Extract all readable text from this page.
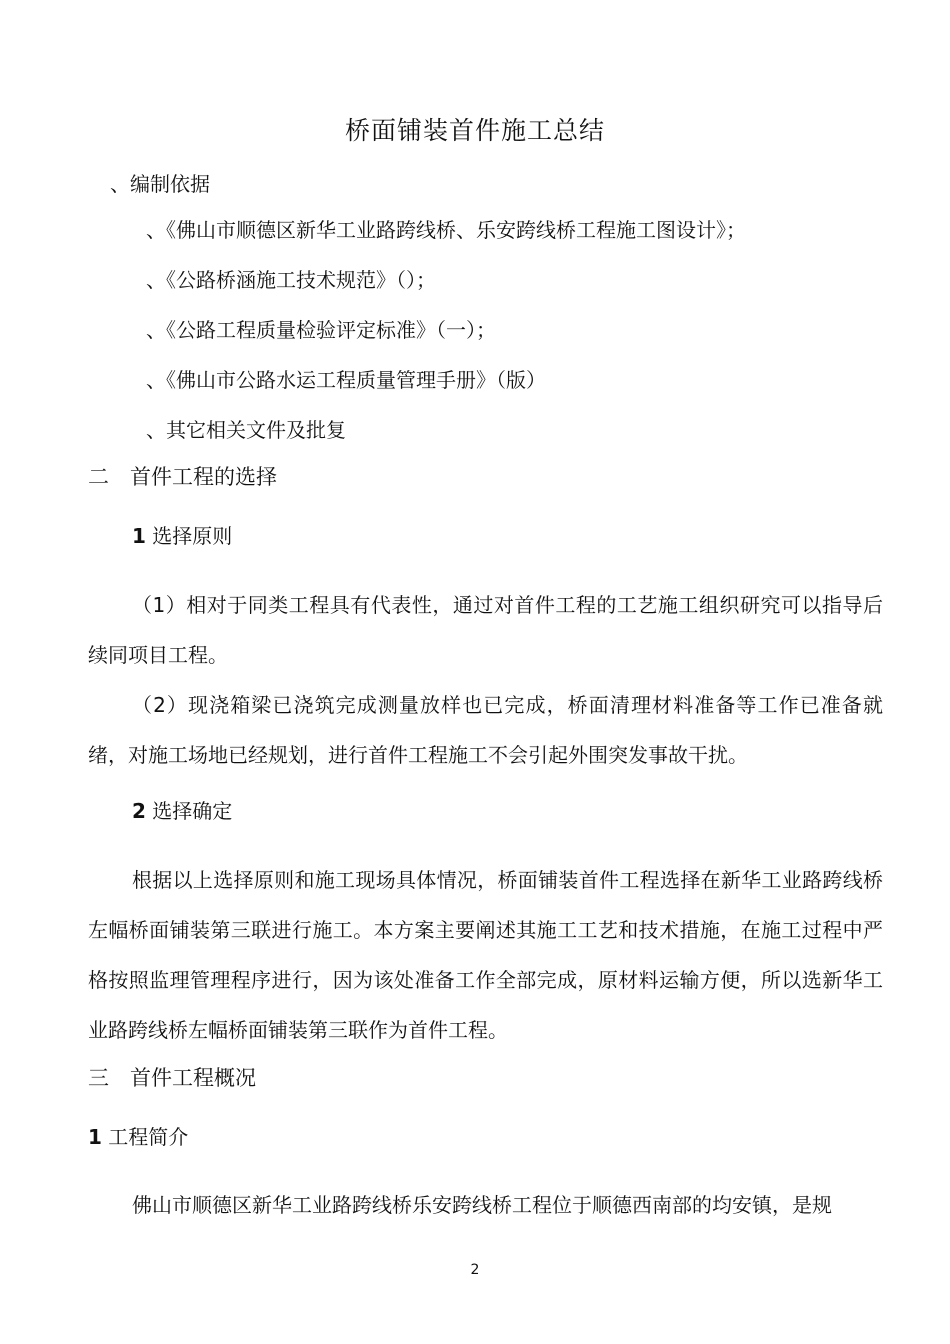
桥面铺装首件施工总结
、编制依据
、《佛山市顺德区新华工业路跨线桥、乐安跨线桥工程施工图设计》；
、《公路桥涵施工技术规范》（）；
、《公路工程质量检验评定标准》（一）；
、《佛山市公路水运工程质量管理手册》（版）
、其它相关文件及批复
二　首件工程的选择
1 选择原则

（1）相对于同类工程具有代表性，通过对首件工程的工艺施工组织研究可以指导后续同项目工程。

（2）现浇箱梁已浇筑完成测量放样也已完成，桥面清理材料准备等工作已准备就绪，对施工场地已经规划，进行首件工程施工不会引起外围突发事故干扰。

2 选择确定

根据以上选择原则和施工现场具体情况，桥面铺装首件工程选择在新华工业路跨线桥左幅桥面铺装第三联进行施工。本方案主要阐述其施工工艺和技术措施，在施工过程中严格按照监理管理程序进行，因为该处准备工作全部完成，原材料运输方便，所以选新华工业路跨线桥左幅桥面铺装第三联作为首件工程。

三　首件工程概况
1 工程简介

佛山市顺德区新华工业路跨线桥乐安跨线桥工程位于顺德西南部的均安镇，是规

2
